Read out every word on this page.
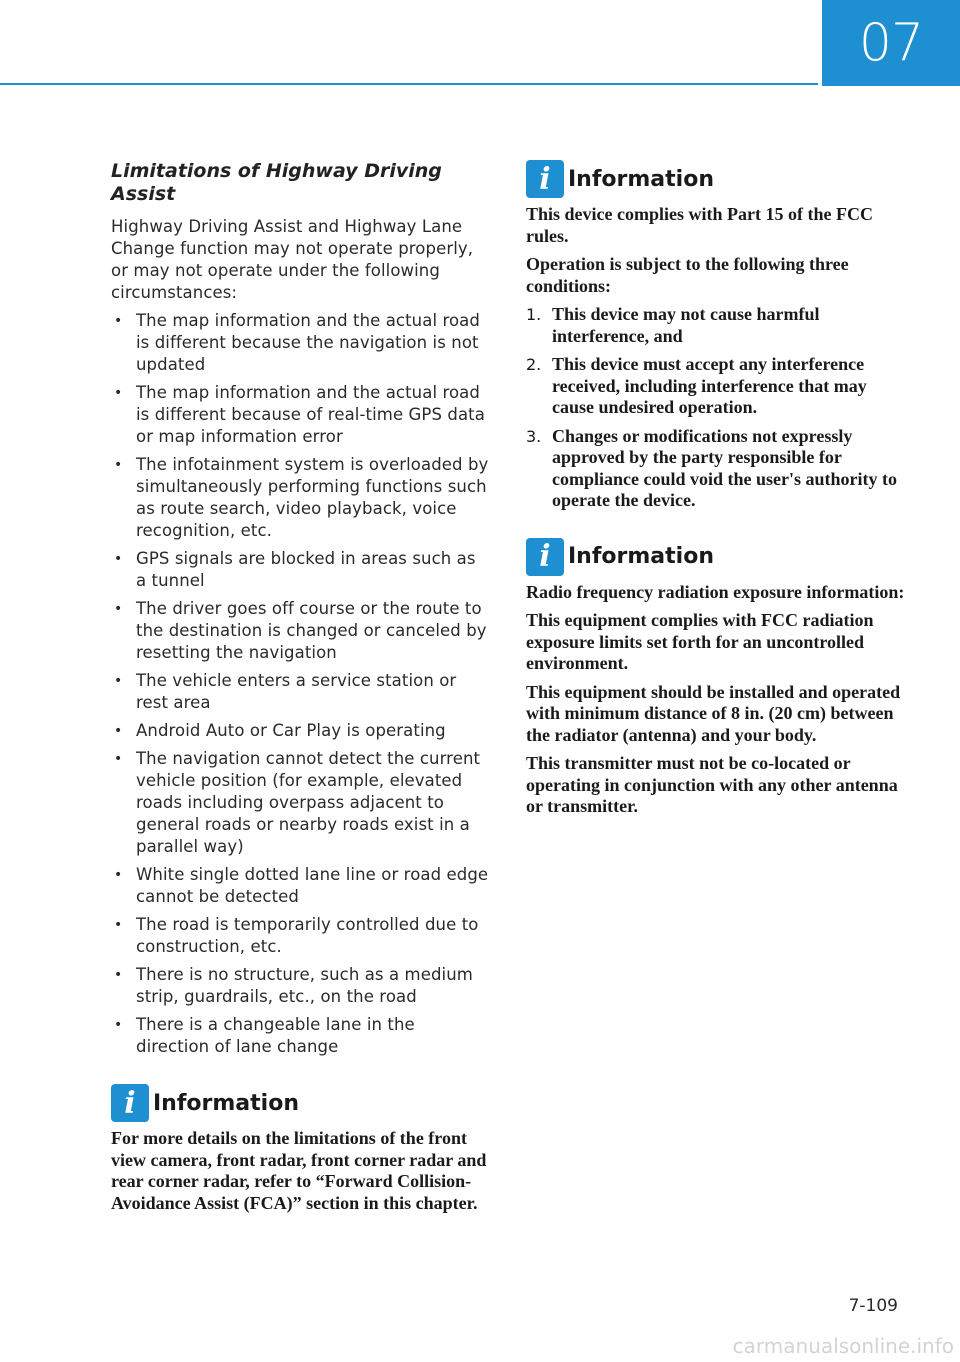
07
Limitations of Highway Driving Assist

Highway Driving Assist and Highway Lane Change function may not operate properly, or may not operate under the following circumstances:

• The map information and the actual road is different because the navigation is not updated
• The map information and the actual road is different because of real-time GPS data or map information error
• The infotainment system is overloaded by simultaneously performing functions such as route search, video playback, voice recognition, etc.
• GPS signals are blocked in areas such as a tunnel
• The driver goes off course or the route to the destination is changed or canceled by resetting the navigation
• The vehicle enters a service station or rest area
• Android Auto or Car Play is operating
• The navigation cannot detect the current vehicle position (for example, elevated roads including overpass adjacent to general roads or nearby roads exist in a parallel way)
• White single dotted lane line or road edge cannot be detected
• The road is temporarily controlled due to construction, etc.
• There is no structure, such as a medium strip, guardrails, etc., on the road
• There is a changeable lane in the direction of lane change
i Information

For more details on the limitations of the front view camera, front radar, front corner radar and rear corner radar, refer to “Forward Collision-Avoidance Assist (FCA)” section in this chapter.

i Information

This device complies with Part 15 of the FCC rules.

Operation is subject to the following three conditions:

1. This device may not cause harmful interference, and
2. This device must accept any interference received, including interference that may cause undesired operation.
3. Changes or modifications not expressly approved by the party responsible for compliance could void the user's authority to operate the device.
i Information

Radio frequency radiation exposure information:

This equipment complies with FCC radiation exposure limits set forth for an uncontrolled environment.

This equipment should be installed and operated with minimum distance of 8 in. (20 cm) between the radiator (antenna) and your body.

This transmitter must not be co-located or operating in conjunction with any other antenna or transmitter.

7-109
carmanualsonline.info
